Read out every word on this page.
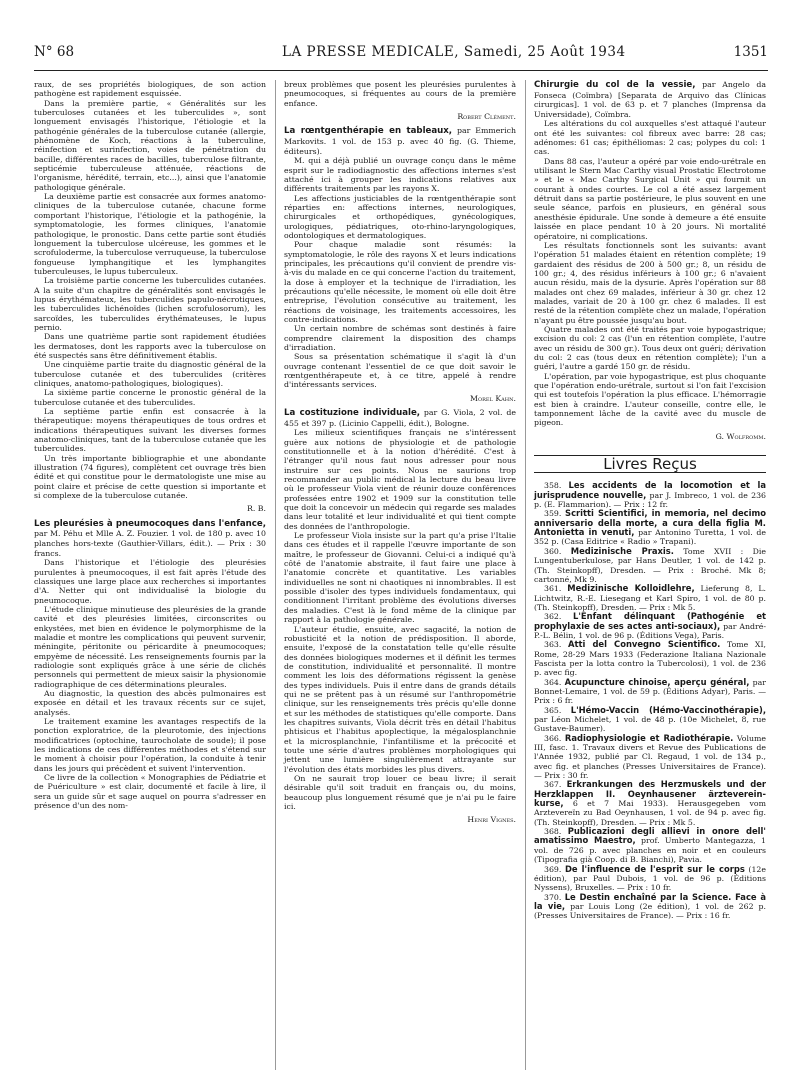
N° 68	LA PRESSE MEDICALE, Samedi, 25 Août 1934	1351

raux, de ses propriétés biologiques, de son action pathogène est rapidement esquissée.

Dans la première partie, « Généralités sur les tuberculoses cutanées et les tuberculides », sont longuement envisagés l'historique, l'étiologie et la pathogénie générales de la tuberculose cutanée (allergie, phénomène de Koch, réactions à la tuberculine, réinfection et surinfection, voies de pénétration du bacille, différentes races de bacilles, tuberculose filtrante, septicémie tuberculeuse atténuée, réactions de l'organisme, hérédité, terrain, etc...), ainsi que l'anatomie pathologique générale.

La deuxième partie est consacrée aux formes anatomo-cliniques de la tuberculose cutanée, chacune forme comportant l'historique, l'étiologie et la pathogénie, la symptomatologie, les formes cliniques, l'anatomie pathologique, le pronostic. Dans cette partie sont étudiés longuement la tuberculose ulcéreuse, les gommes et le scrofuloderme, la tuberculose verruqueuse, la tuberculose fongueuse lymphangitique et les lymphangites tuberculeuses, le lupus tuberculeux.

La troisième partie concerne les tuberculides cutanées. A la suite d'un chapitre de généralités sont envisagés le lupus érythémateux, les tuberculides papulo-nécrotiques, les tuberculides lichénoïdes (lichen scrofulosorum), les sarcoïdes, les tuberculides érythémateuses, le lupus pernio.

Dans une quatrième partie sont rapidement étudiées les dermatoses, dont les rapports avec la tuberculose on été suspectés sans être définitivement établis.

Une cinquième partie traite du diagnostic général de la tuberculose cutanée et des tuberculides (critères cliniques, anatomo-pathologiques, biologiques).

La sixième partie concerne le pronostic général de la tuberculose cutanée et des tuberculides.

La septième partie enfin est consacrée à la thérapeutique: moyens thérapeutiques de tous ordres et indications thérapeutiques suivant les diverses formes anatomo-cliniques, tant de la tuberculose cutanée que les tuberculides.

Un très importante bibliographie et une abondante illustration (74 figures), complètent cet ouvrage très bien édité et qui constitue pour le dermatologiste une mise au point claire et précise de cette question si importante et si complexe de la tuberculose cutanée.

R. B.

Les pleurésies à pneumocoques dans l'enfance, par M. Péhu et Mlle A. Z. Fouzier. 1 vol. de 180 p. avec 10 planches hors-texte (Gauthier-Villars, édit.). — Prix : 30 francs.

Dans l'historique et l'étiologie des pleurésies purulentes à pneumocoques, il est fait après l'étude des classiques une large place aux recherches si importantes d'A. Netter qui ont individualisé la biologie du pneumocoque.

L'étude clinique minutieuse des pleurésies de la grande cavité et des pleurésies limitées, circonscrites ou enkystées, met bien en évidence le polymorphisme de la maladie et montre les complications qui peuvent survenir, méningite, péritonite ou péricardite à pneumocoques; empyème de nécessité. Les renseignements fournis par la radiologie sont expliqués grâce à une série de clichés personnels qui permettent de mieux saisir la physionomie radiographique de ces déterminations pleurales.

Au diagnostic, la question des abcès pulmonaires est exposée en détail et les travaux récents sur ce sujet, analysés.

Le traitement examine les avantages respectifs de la ponction exploratrice, de la pleurotomie, des injections modificatrices (optochine, taurocholate de soude); il pose les indications de ces différentes méthodes et s'étend sur le moment à choisir pour l'opération, la conduite à tenir dans les jours qui précèdent et suivent l'intervention.

Ce livre de la collection « Monographies de Pédiatrie et de Puériculture » est clair, documenté et facile à lire, il sera un guide sûr et sage auquel on pourra s'adresser en présence d'un des nom-

breux problèmes que posent les pleurésies purulentes à pneumocoques, si fréquentes au cours de la première enfance.

Robert Clément.

La rœntgenthérapie en tableaux, par Emmerich Markovits. 1 vol. de 153 p. avec 40 fig. (G. Thieme, éditeurs).

M. qui a déjà publié un ouvrage conçu dans le même esprit sur le radiodiagnostic des affections internes s'est attaché ici à grouper les indications relatives aux différents traitements par les rayons X.

Les affections justiciables de la rœntgenthérapie sont réparties en: affections internes, neurologiques, chirurgicales et orthopédiques, gynécologiques, urologiques, pédiatriques, oto-rhino-laryngologiques, odontologiques et dermatologiques.

Pour chaque maladie sont résumés: la symptomatologie, le rôle des rayons X et leurs indications principales, les précautions qu'il convient de prendre vis-à-vis du malade en ce qui concerne l'action du traitement, la dose à employer et la technique de l'irradiation, les précautions qu'elle nécessite, le moment où elle doit être entreprise, l'évolution consécutive au traitement, les réactions de voisinage, les traitements accessoires, les contre-indications.

Un certain nombre de schémas sont destinés à faire comprendre clairement la disposition des champs d'irradiation.

Sous sa présentation schématique il s'agit là d'un ouvrage contenant l'essentiel de ce que doit savoir le rœntgenthérapeute et, à ce titre, appelé à rendre d'intéressants services.

Morel Kahn.

La costituzione individuale, par G. Viola, 2 vol. de 455 et 397 p. (Licinio Cappelli, édit.), Bologne.

Les milieux scientifiques français ne s'intéressent guère aux notions de physiologie et de pathologie constitutionnelle et à la notion d'hérédité. C'est à l'étranger qu'il nous faut nous adresser pour nous instruire sur ces points. Nous ne saurions trop recommander au public médical la lecture du beau livre où le professeur Viola vient de réunir douze conférences professées entre 1902 et 1909 sur la constitution telle que doit la concevoir un médecin qui regarde ses malades dans leur totalité et leur individualité et qui tient compte des données de l'anthropologie.

Le professeur Viola insiste sur la part qu'a prise l'Italie dans ces études et il rappelle l'œuvre importante de son maître, le professeur de Giovanni. Celui-ci a indiqué qu'à côté de l'anatomie abstraite, il faut faire une place à l'anatomie concrète et quantitative. Les variables individuelles ne sont ni chaotiques ni innombrables. Il est possible d'isoler des types individuels fondamentaux, qui conditionnent l'irritant problème des évolutions diverses des maladies. C'est là le fond même de la clinique par rapport à la pathologie générale.

L'auteur étudie, ensuite, avec sagacité, la notion de robusticité et la notion de prédisposition. Il aborde, ensuite, l'exposé de la constatation telle qu'elle résulte des données biologiques modernes et il définit les termes de constitution, individualité et personnalité. Il montre comment les lois des déformations régissent la genèse des types individuels. Puis il entre dans de grands détails qui ne se prêtent pas à un résumé sur l'anthropométrie clinique, sur les renseignements très précis qu'elle donne et sur les méthodes de statistiques qu'elle comporte. Dans les chapitres suivants, Viola décrit très en détail l'habitus phtisicus et l'habitus apoplectique, la mégalosplanchnie et la microsplanchnie, l'infantilisme et la précocité et toute une série d'autres problèmes morphologiques qui jettent une lumière singulièrement attrayante sur l'évolution des états morbides les plus divers.

On ne saurait trop louer ce beau livre; il serait désirable qu'il soit traduit en français ou, du moins, beaucoup plus longuement résumé que je n'ai pu le faire ici.

Henri Vignes.

Chirurgie du col de la vessie, par Angelo da Fonseca (Coïmbra) [Separata de Arquivo das Clínicas cirurgicas]. 1 vol. de 63 p. et 7 planches (Imprensa da Universidade), Coïmbra.

Les altérations du col auxquelles s'est attaqué l'auteur ont été les suivantes: col fibreux avec barre: 28 cas; adénomes: 61 cas; épithéliomas: 2 cas; polypes du col: 1 cas.

Dans 88 cas, l'auteur a opéré par voie endo-urétrale en utilisant le Stern Mac Carthy visual Prostatic Electrotome » et le « Mac Carthy Surgical Unit » qui fournit un courant à ondes courtes. Le col a été assez largement détruit dans sa partie postérieure, le plus souvent en une seule séance, parfois en plusieurs, en général sous anesthésie épidurale. Une sonde à demeure a été ensuite laissée en place pendant 10 à 20 jours. Ni mortalité opératoire, ni complications.

Les résultats fonctionnels sont les suivants: avant l'opération 51 malades étaient en rétention complète; 19 gardaient des résidus de 200 à 500 gr.; 8, un résidu de 100 gr.; 4, des résidus inférieurs à 100 gr.; 6 n'avaient aucun résidu, mais de la dysurie. Après l'opération sur 88 malades ont chez 69 malades, inférieur à 30 gr. chez 12 malades, variait de 20 à 100 gr. chez 6 malades. Il est resté de la rétention complète chez un malade, l'opération n'ayant pu être poussée jusqu'au bout.

Quatre malades ont été traités par voie hypogastrique; excision du col: 2 cas (l'un en rétention complète, l'autre avec un résidu de 300 gr.). Tous deux ont guéri; dérivation du col: 2 cas (tous deux en rétention complète); l'un a guéri, l'autre a gardé 150 gr. de résidu.

L'opération, par voie hypogastrique, est plus choquante que l'opération endo-urétrale, surtout si l'on fait l'excision qui est toutefois l'opération la plus efficace. L'hémorragie est bien à craindre. L'auteur conseille, contre elle, le tamponnement lâche de la cavité avec du muscle de pigeon.

G. Wolfromm.

Livres Reçus

358. Les accidents de la locomotion et la jurisprudence nouvelle, par J. Imbreco, 1 vol. de 236 p. (E. Flammarion). — Prix : 12 fr.

359. Scritti Scientifici, in memoria, nel decimo anniversario della morte, a cura della figlia M. Antonietta in venuti, par Antonino Turetta, 1 vol. de 352 p. (Casa Editrice « Radio » Trapani).

360. Medizinische Praxis. Tome XVII : Die Lungentuberkulose, par Hans Deutler, 1 vol. de 142 p. (Th. Steinkopff), Dresden. — Prix : Broché. Mk 8; cartonné, Mk 9.

361. Medizinische Kolloidlehre, Lieferung 8, L. Lichtwitz, R.-E. Liesegang et Karl Spiro, 1 vol. de 80 p. (Th. Steinkopff), Dresden. — Prix : Mk 5.

362. L'Enfant délinquant (Pathogénie et prophylaxie de ses actes anti-sociaux), par André-P.-L. Bélin, 1 vol. de 96 p. (Éditions Vega), Paris.

363. Atti del Convegno Scientifico. Tome XI, Rome, 28-29 Mars 1933 (Federazione Italiana Nazionale Fascista per la lotta contro la Tubercolosi), 1 vol. de 236 p. avec fig.

364. Acupuncture chinoise, aperçu général, par Bonnet-Lemaire, 1 vol. de 59 p. (Éditions Adyar), Paris. — Prix : 6 fr.

365. L'Hémo-Vaccin (Hémo-Vaccinothérapie), par Léon Michelet, 1 vol. de 48 p. (10e Michelet, 8, rue Gustave-Baumer).

366. Radiophysiologie et Radiothérapie. Volume III, fasc. 1. Travaux divers et Revue des Publications de l'Année 1932, publié par Cl. Regaud, 1 vol. de 134 p., avec fig. et planches (Presses Universitaires de France). — Prix : 30 fr.

367. Erkrankungen des Herzmuskels und der Herzklappen II. Oeynhausener ärzteverein-kurse, 6 et 7 Mai 1933). Herausgegeben vom Arztevereïn zu Bad Oeynhausen, 1 vol. de 94 p. avec fig. (Th. Steinkopff), Dresden. — Prix : Mk 5.

368. Publicazioni degli allievi in onore dell' amatissimo Maestro, prof. Umberto Mantegazza, 1 vol. de 726 p. avec planches en noir et en couleurs (Tipografia già Coop. di B. Bianchi), Pavia.

369. De l'influence de l'esprit sur le corps (12e édition), par Paul Dubois, 1 vol. de 96 p. (Éditions Nyssens), Bruxelles. — Prix : 10 fr.

370. Le Destin enchaîné par la Science. Face à la vie, par Louis Long (2e édition), 1 vol. de 262 p. (Presses Universitaires de France). — Prix : 16 fr.
